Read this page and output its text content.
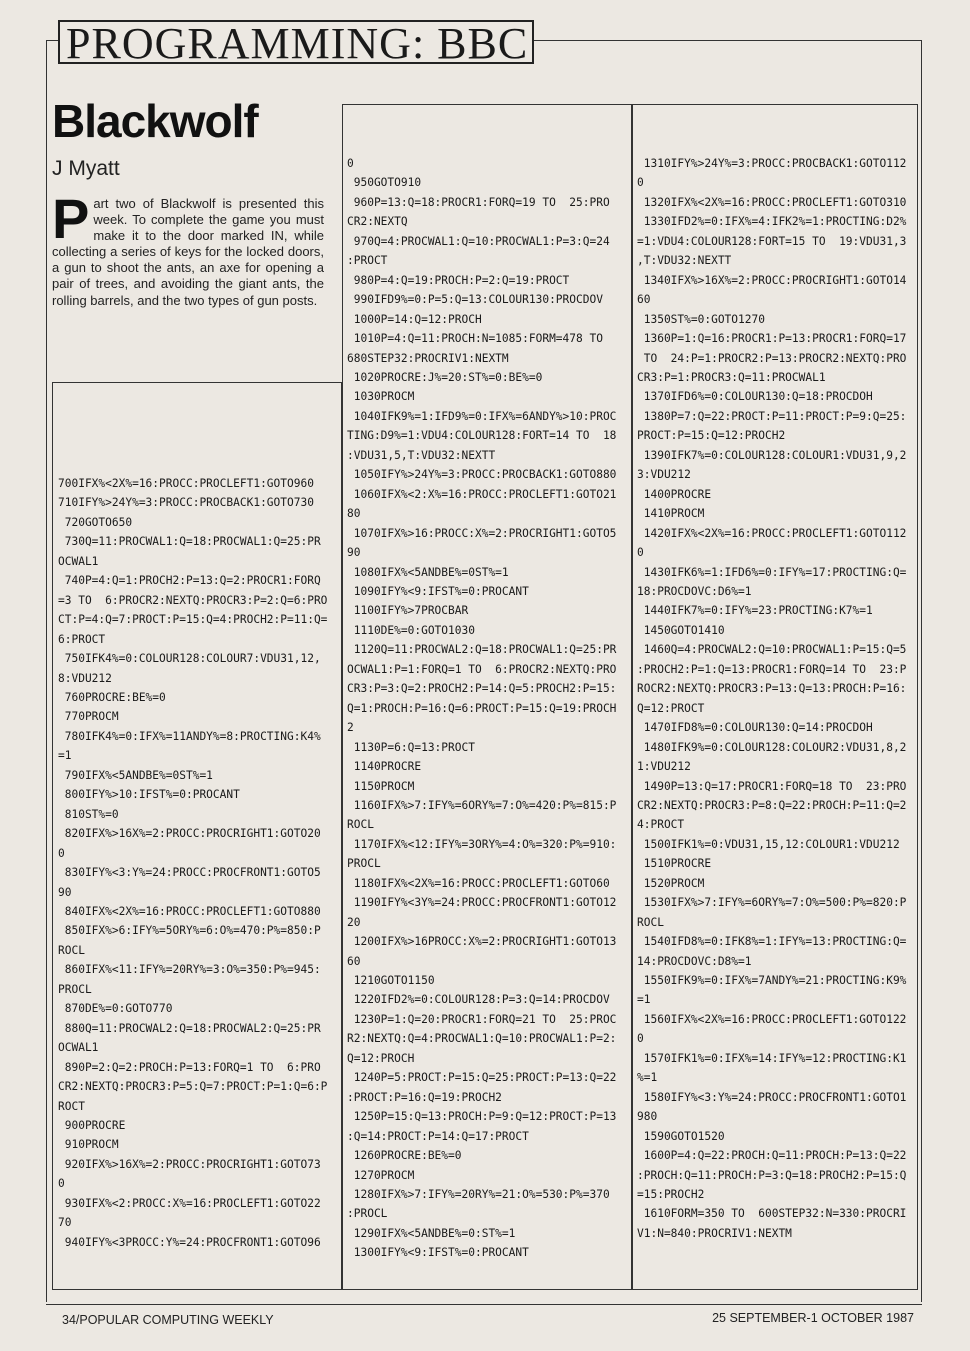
PROGRAMMING: BBC
Blackwolf
J Myatt
Part two of Blackwolf is presented this week. To complete the game you must make it to the door marked IN, while collecting a series of keys for the locked doors, a gun to shoot the ants, an axe for opening a pair of trees, and avoiding the giant ants, the rolling barrels, and the two types of gun posts.
700IFX%<2X%=16:PROCC:PROCLEFT1:GOTO960
710IFY%>24Y%=3:PROCC:PROCBACK1:GOTO730
720GOTO650
730Q=11:PROCWAL1:Q=18:PROCWAL1:Q=25:PR
OCWAL1
740P=4:Q=1:PROCH2:P=13:Q=2:PROCR1:FORQ
=3 TO  6:PROCR2:NEXTQ:PROCR3:P=2:Q=6:PRO
CT:P=4:Q=7:PROCT:P=15:Q=4:PROCH2:P=11:Q=
6:PROCT
750IFK4%=0:COLOUR128:COLOUR7:VDU31,12,
8:VDU212
760PROCRE:BE%=0
770PROCM
780IFK4%=0:IFX%=11ANDY%=8:PROCTING:K4%
=1
790IFX%<5ANDBE%=0ST%=1
800IFY%>10:IFST%=0:PROCANT
810ST%=0
820IFX%>16X%=2:PROCC:PROCRIGHT1:GOTO20
0
830IFY%<3:Y%=24:PROCC:PROCFRONT1:GOTO5
90
840IFX%<2X%=16:PROCC:PROCLEFT1:GOTO880
850IFX%>6:IFY%=5ORY%=6:O%=470:P%=850:P
ROCL
860IFX%<11:IFY%=20RY%=3:O%=350:P%=945:
PROCL
870DE%=0:GOTO770
880Q=11:PROCWAL2:Q=18:PROCWAL2:Q=25:PR
OCWAL1
890P=2:Q=2:PROCH:P=13:FORQ=1 TO  6:PRO
CR2:NEXTQ:PROCR3:P=5:Q=7:PROCT:P=1:Q=6:P
ROCT
900PROCRE
910PROCM
920IFX%>16X%=2:PROCC:PROCRIGHT1:GOTO73
0
930IFX%<2:PROCC:X%=16:PROCLEFT1:GOTO22
70
940IFY%<3PROCC:Y%=24:PROCFRONT1:GOTO96
0
950GOTO910
960P=13:Q=18:PROCR1:FORQ=19 TO  25:PRO
CR2:NEXTQ
970Q=4:PROCWAL1:Q=10:PROCWAL1:P=3:Q=24
:PROCT
980P=4:Q=19:PROCH:P=2:Q=19:PROCT
990IFD9%=0:P=5:Q=13:COLOUR130:PROCDOV
1000P=14:Q=12:PROCH
1010P=4:Q=11:PROCH:N=1085:FORM=478 TO
680STEP32:PROCRIV1:NEXTM
1020PROCRE:J%=20:ST%=0:BE%=0
1030PROCM
1040IFK9%=1:IFD9%=0:IFX%=6ANDY%>10:PROC
TING:D9%=1:VDU4:COLOUR128:FORT=14 TO  18
:VDU31,5,T:VDU32:NEXTT
1050IFY%>24Y%=3:PROCC:PROCBACK1:GOTO880
1060IFX%<2:X%=16:PROCC:PROCLEFT1:GOTO21
80
1070IFX%>16:PROCC:X%=2:PROCRIGHT1:GOTO5
90
1080IFX%<5ANDBE%=0ST%=1
1090IFY%<9:IFST%=0:PROCANT
1100IFY%>7PROCBAR
1110DE%=0:GOTO1030
1120Q=11:PROCWAL2:Q=18:PROCWAL1:Q=25:PR
OCWAL1:P=1:FORQ=1 TO  6:PROCR2:NEXTQ:PRO
CR3:P=3:Q=2:PROCH2:P=14:Q=5:PROCH2:P=15:
Q=1:PROCH:P=16:Q=6:PROCT:P=15:Q=19:PROCH
2
1130P=6:Q=13:PROCT
1140PROCRE
1150PROCM
1160IFX%>7:IFY%=6ORY%=7:O%=420:P%=815:P
ROCL
1170IFX%<12:IFY%=3ORY%=4:O%=320:P%=910:
PROCL
1180IFX%<2X%=16:PROCC:PROCLEFT1:GOTO60
1190IFY%<3Y%=24:PROCC:PROCFRONT1:GOTO12
20
1200IFX%>16PROCC:X%=2:PROCRIGHT1:GOTO13
60
1210GOTO1150
1220IFD2%=0:COLOUR128:P=3:Q=14:PROCDOV
1230P=1:Q=20:PROCR1:FORQ=21 TO  25:PROC
R2:NEXTQ:Q=4:PROCWAL1:Q=10:PROCWAL1:P=2:
Q=12:PROCH
1240P=5:PROCT:P=15:Q=25:PROCT:P=13:Q=22
:PROCT:P=16:Q=19:PROCH2
1250P=15:Q=13:PROCH:P=9:Q=12:PROCT:P=13
:Q=14:PROCT:P=14:Q=17:PROCT
1260PROCRE:BE%=0
1270PROCM
1280IFX%>7:IFY%=20RY%=21:O%=530:P%=370
:PROCL
1290IFX%<5ANDBE%=0:ST%=1
1300IFY%<9:IFST%=0:PROCANT
1310IFY%>24Y%=3:PROCC:PROCBACK1:GOTO112
0
1320IFX%<2X%=16:PROCC:PROCLEFT1:GOTO310
1330IFD2%=0:IFX%=4:IFK2%=1:PROCTING:D2%
=1:VDU4:COLOUR128:FORT=15 TO  19:VDU31,3
,T:VDU32:NEXTT
1340IFX%>16X%=2:PROCC:PROCRIGHT1:GOTO14
60
1350ST%=0:GOTO1270
1360P=1:Q=16:PROCR1:P=13:PROCR1:FORQ=17
TO  24:P=1:PROCR2:P=13:PROCR2:NEXTQ:PRO
CR3:P=1:PROCR3:Q=11:PROCWAL1
1370IFD6%=0:COLOUR130:Q=18:PROCDOH
1380P=7:Q=22:PROCT:P=11:PROCT:P=9:Q=25:
PROCT:P=15:Q=12:PROCH2
1390IFK7%=0:COLOUR128:COLOUR1:VDU31,9,2
3:VDU212
1400PROCRE
1410PROCM
1420IFX%<2X%=16:PROCC:PROCLEFT1:GOTO112
0
1430IFK6%=1:IFD6%=0:IFY%=17:PROCTING:Q=
18:PROCDOVC:D6%=1
1440IFK7%=0:IFY%=23:PROCTING:K7%=1
1450GOTO1410
1460Q=4:PROCWAL2:Q=10:PROCWAL1:P=15:Q=5
:PROCH2:P=1:Q=13:PROCR1:FORQ=14 TO  23:P
ROCR2:NEXTQ:PROCR3:P=13:Q=13:PROCH:P=16:
Q=12:PROCT
1470IFD8%=0:COLOUR130:Q=14:PROCDOH
1480IFK9%=0:COLOUR128:COLOUR2:VDU31,8,2
1:VDU212
1490P=13:Q=17:PROCR1:FORQ=18 TO  23:PRO
CR2:NEXTQ:PROCR3:P=8:Q=22:PROCH:P=11:Q=2
4:PROCT
1500IFK1%=0:VDU31,15,12:COLOUR1:VDU212
1510PROCRE
1520PROCM
1530IFX%>7:IFY%=6ORY%=7:O%=500:P%=820:P
ROCL
1540IFD8%=0:IFK8%=1:IFY%=13:PROCTING:Q=
14:PROCDOVC:D8%=1
1550IFK9%=0:IFX%=7ANDY%=21:PROCTING:K9%
=1
1560IFX%<2X%=16:PROCC:PROCLEFT1:GOTO122
0
1570IFK1%=0:IFX%=14:IFY%=12:PROCTING:K1
%=1
1580IFY%<3:Y%=24:PROCC:PROCFRONT1:GOTO1
980
1590GOTO1520
1600P=4:Q=22:PROCH:Q=11:PROCH:P=13:Q=22
:PROCH:Q=11:PROCH:P=3:Q=18:PROCH2:P=15:Q
=15:PROCH2
1610FORM=350 TO  600STEP32:N=330:PROCRI
V1:N=840:PROCRIV1:NEXTM
34/POPULAR COMPUTING WEEKLY	25 SEPTEMBER-1 OCTOBER 1987
